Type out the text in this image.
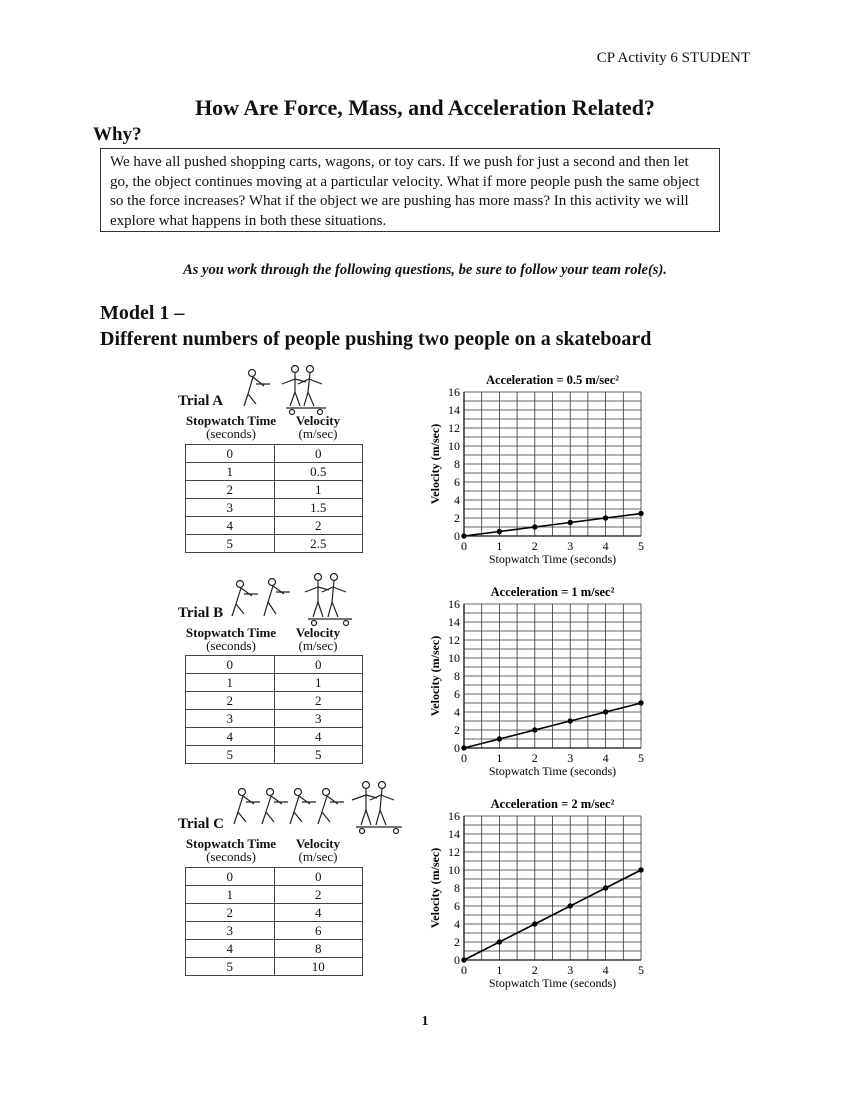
CP Activity 6 STUDENT
How Are Force, Mass, and Acceleration Related?
Why?
We have all pushed shopping carts, wagons, or toy cars. If we push for just a second and then let go, the object continues moving at a particular velocity. What if more people push the same object so the force increases? What if the object we are pushing has more mass? In this activity we will explore what happens in both these situations.
As you work through the following questions, be sure to follow your team role(s).
Model 1 –
Different numbers of people pushing two people on a skateboard
Trial A
Stopwatch Time
(seconds)
Velocity
(m/sec)
0	0
1	0.5
2	1
3	1.5
4	2
5	2.5
Trial B
Stopwatch Time
(seconds)
Velocity
(m/sec)
0	0
1	1
2	2
3	3
4	4
5	5
Trial C
Stopwatch Time
(seconds)
Velocity
(m/sec)
0	0
1	2
2	4
3	6
4	8
5	10
Acceleration = 0.5 m/sec²
0
2
4
6
8
10
12
14
16
0 1 2 3 4 5
Stopwatch Time (seconds)
Velocity (m/sec)
Acceleration = 1 m/sec²
0
2
4
6
8
10
12
14
16
0 1 2 3 4 5
Stopwatch Time (seconds)
Velocity (m/sec)
Acceleration = 2 m/sec²
0
2
4
6
8
10
12
14
16
0 1 2 3 4 5
Stopwatch Time (seconds)
Velocity (m/sec)
1
